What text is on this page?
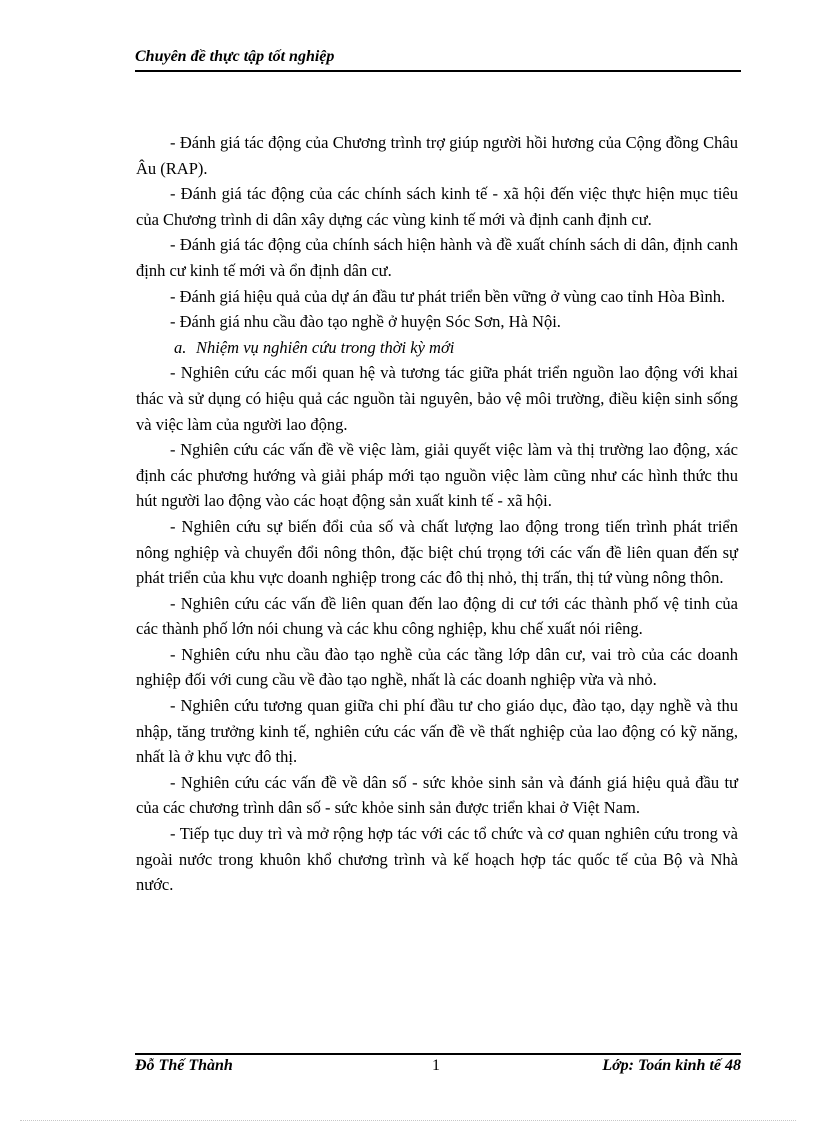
Chuyên đề thực tập tốt nghiệp

- Đánh giá tác động của Chương trình trợ giúp người hồi hương của Cộng đồng Châu Âu (RAP).

- Đánh giá tác động của các chính sách kinh tế - xã hội đến việc thực hiện mục tiêu của Chương trình di dân xây dựng các vùng kinh tế mới và định canh định cư.

- Đánh giá tác động của chính sách hiện hành và đề xuất chính sách di dân, định canh định cư kinh tế mới và ổn định dân cư.

- Đánh giá hiệu quả của dự án đầu tư phát triển bền vững ở vùng cao tỉnh Hòa Bình.

- Đánh giá nhu cầu đào tạo nghề ở huyện Sóc Sơn, Hà Nội.

a. Nhiệm vụ nghiên cứu trong thời kỳ mới

- Nghiên cứu các mối quan hệ và tương tác giữa phát triển nguồn lao động với khai thác và sử dụng có hiệu quả các nguồn tài nguyên, bảo vệ môi trường, điều kiện sinh sống và việc làm của người lao động.

- Nghiên cứu các vấn đề về việc làm, giải quyết việc làm và thị trường lao động, xác định các phương hướng và giải pháp mới tạo nguồn việc làm cũng như các hình thức thu hút người lao động vào các hoạt động sản xuất kinh tế - xã hội.

- Nghiên cứu sự biến đổi của số và chất lượng lao động trong tiến trình phát triển nông nghiệp và chuyển đổi nông thôn, đặc biệt chú trọng tới các vấn đề liên quan đến sự phát triển của khu vực doanh nghiệp trong các đô thị nhỏ, thị trấn, thị tứ vùng nông thôn.

- Nghiên cứu các vấn đề liên quan đến lao động di cư tới các thành phố vệ tinh của các thành phố lớn nói chung và các khu công nghiệp, khu chế xuất nói riêng.

- Nghiên cứu nhu cầu đào tạo nghề của các tầng lớp dân cư, vai trò của các doanh nghiệp đối với cung cầu về đào tạo nghề, nhất là các doanh nghiệp vừa và nhỏ.

- Nghiên cứu tương quan giữa chi phí đầu tư cho giáo dục, đào tạo, dạy nghề và thu nhập, tăng trưởng kinh tế, nghiên cứu các vấn đề về thất nghiệp của lao động có kỹ năng, nhất là ở khu vực đô thị.

- Nghiên cứu các vấn đề về dân số - sức khỏe sinh sản và đánh giá hiệu quả đầu tư của các chương trình dân số - sức khỏe sinh sản được triển khai ở Việt Nam.

- Tiếp tục duy trì và mở rộng hợp tác với các tổ chức và cơ quan nghiên cứu trong và ngoài nước trong khuôn khổ chương trình và kế hoạch hợp tác quốc tế của Bộ và Nhà nước.

Đỗ Thế Thành	1	Lớp: Toán kinh tế 48
